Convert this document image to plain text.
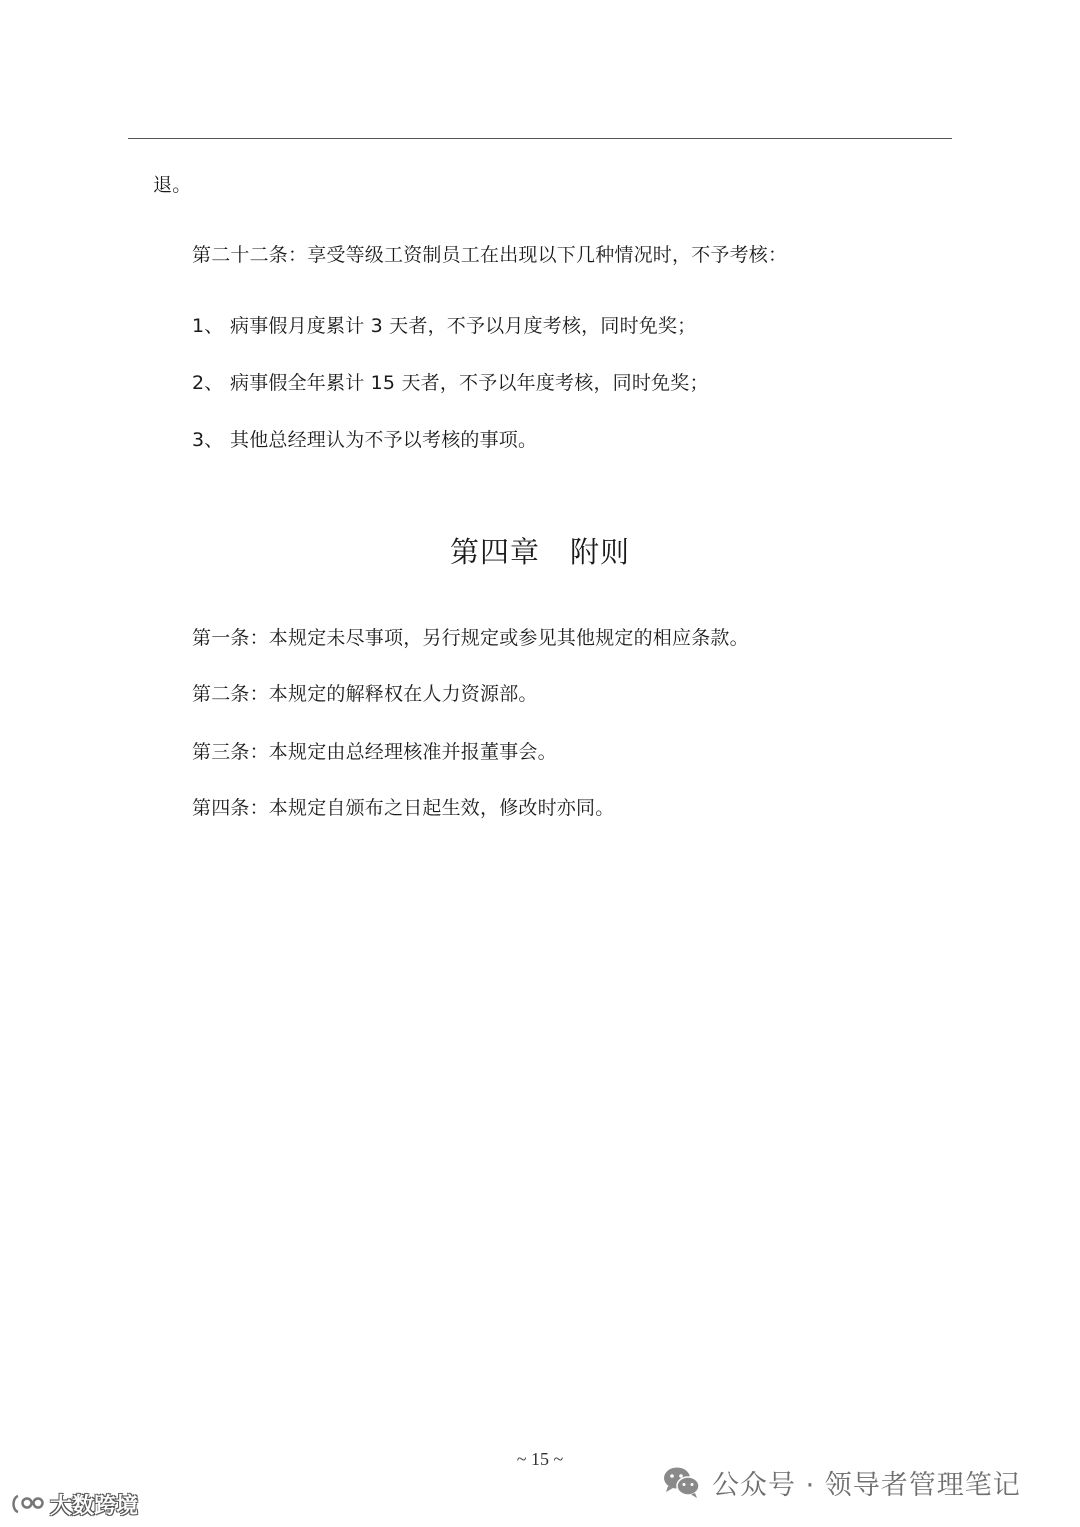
退。
第二十二条：享受等级工资制员工在出现以下几种情况时，不予考核：
1、 病事假月度累计 3 天者，不予以月度考核，同时免奖；
2、 病事假全年累计 15 天者，不予以年度考核，同时免奖；
3、 其他总经理认为不予以考核的事项。
第四章 附则
第一条：本规定未尽事项，另行规定或参见其他规定的相应条款。
第二条：本规定的解释权在人力资源部。
第三条：本规定由总经理核准并报董事会。
第四条：本规定自颁布之日起生效，修改时亦同。
~ 15 ~
公众号 · 领导者管理笔记
大数跨境
